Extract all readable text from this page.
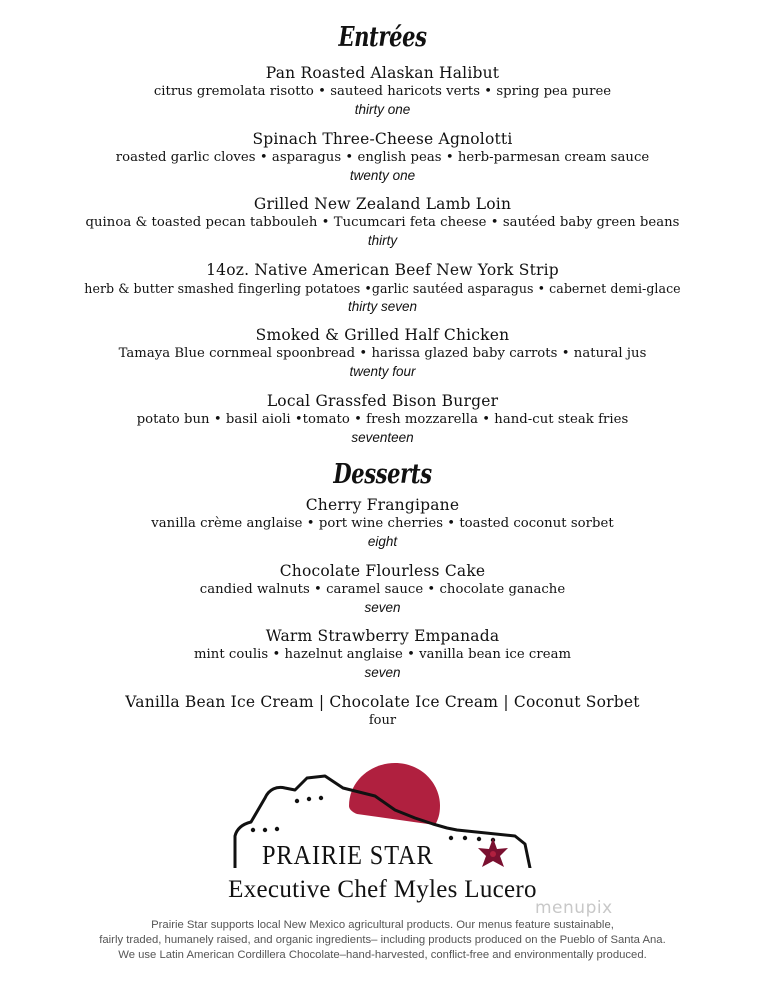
Entrées
Pan Roasted Alaskan Halibut
citrus gremolata risotto • sauteed haricots verts • spring pea puree
thirty one
Spinach Three-Cheese Agnolotti
roasted garlic cloves • asparagus • english peas • herb-parmesan cream sauce
twenty one
Grilled New Zealand Lamb Loin
quinoa & toasted pecan tabbouleh • Tucumcari feta cheese • sautéed baby green beans
thirty
14oz. Native American Beef New York Strip
herb & butter smashed fingerling potatoes •garlic sautéed asparagus • cabernet demi-glace
thirty seven
Smoked & Grilled Half Chicken
Tamaya Blue cornmeal spoonbread • harissa glazed baby carrots • natural jus
twenty four
Local Grassfed Bison Burger
potato bun • basil aioli •tomato • fresh mozzarella • hand-cut steak fries
seventeen
Desserts
Cherry Frangipane
vanilla crème anglaise • port wine cherries • toasted coconut sorbet
eight
Chocolate Flourless Cake
candied walnuts • caramel sauce • chocolate ganache
seven
Warm Strawberry Empanada
mint coulis • hazelnut anglaise • vanilla bean ice cream
seven
Vanilla Bean Ice Cream | Chocolate Ice Cream | Coconut Sorbet
four
PRAIRIE STAR
Executive Chef Myles Lucero
menupix
Prairie Star supports local New Mexico agricultural products. Our menus feature sustainable,
fairly traded, humanely raised, and organic ingredients– including products produced on the Pueblo of Santa Ana.
We use Latin American Cordillera Chocolate–hand-harvested, conflict-free and environmentally produced.
